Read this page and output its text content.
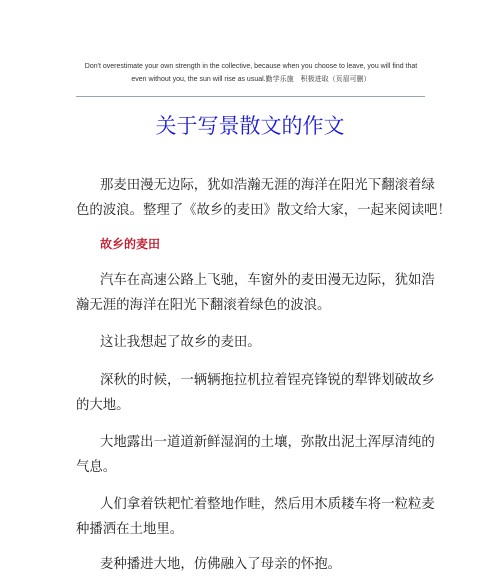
Don't overestimate your own strength in the collective, because when you choose to leave, you will find that
even without you, the sun will rise as usual.勤学乐施　积极进取（页眉可删）
关于写景散文的作文

那麦田漫无边际，犹如浩瀚无涯的海洋在阳光下翻滚着绿
色的波浪。整理了《故乡的麦田》散文给大家，一起来阅读吧！

故乡的麦田

汽车在高速公路上飞驰，车窗外的麦田漫无边际，犹如浩
瀚无涯的海洋在阳光下翻滚着绿色的波浪。

这让我想起了故乡的麦田。

深秋的时候，一辆辆拖拉机拉着锃亮锋锐的犁铧划破故乡
的大地。

大地露出一道道新鲜湿润的土壤，弥散出泥土浑厚清纯的
气息。

人们拿着铁耙忙着整地作畦，然后用木质耧车将一粒粒麦
种播洒在土地里。

麦种播进大地，仿佛融入了母亲的怀抱。
